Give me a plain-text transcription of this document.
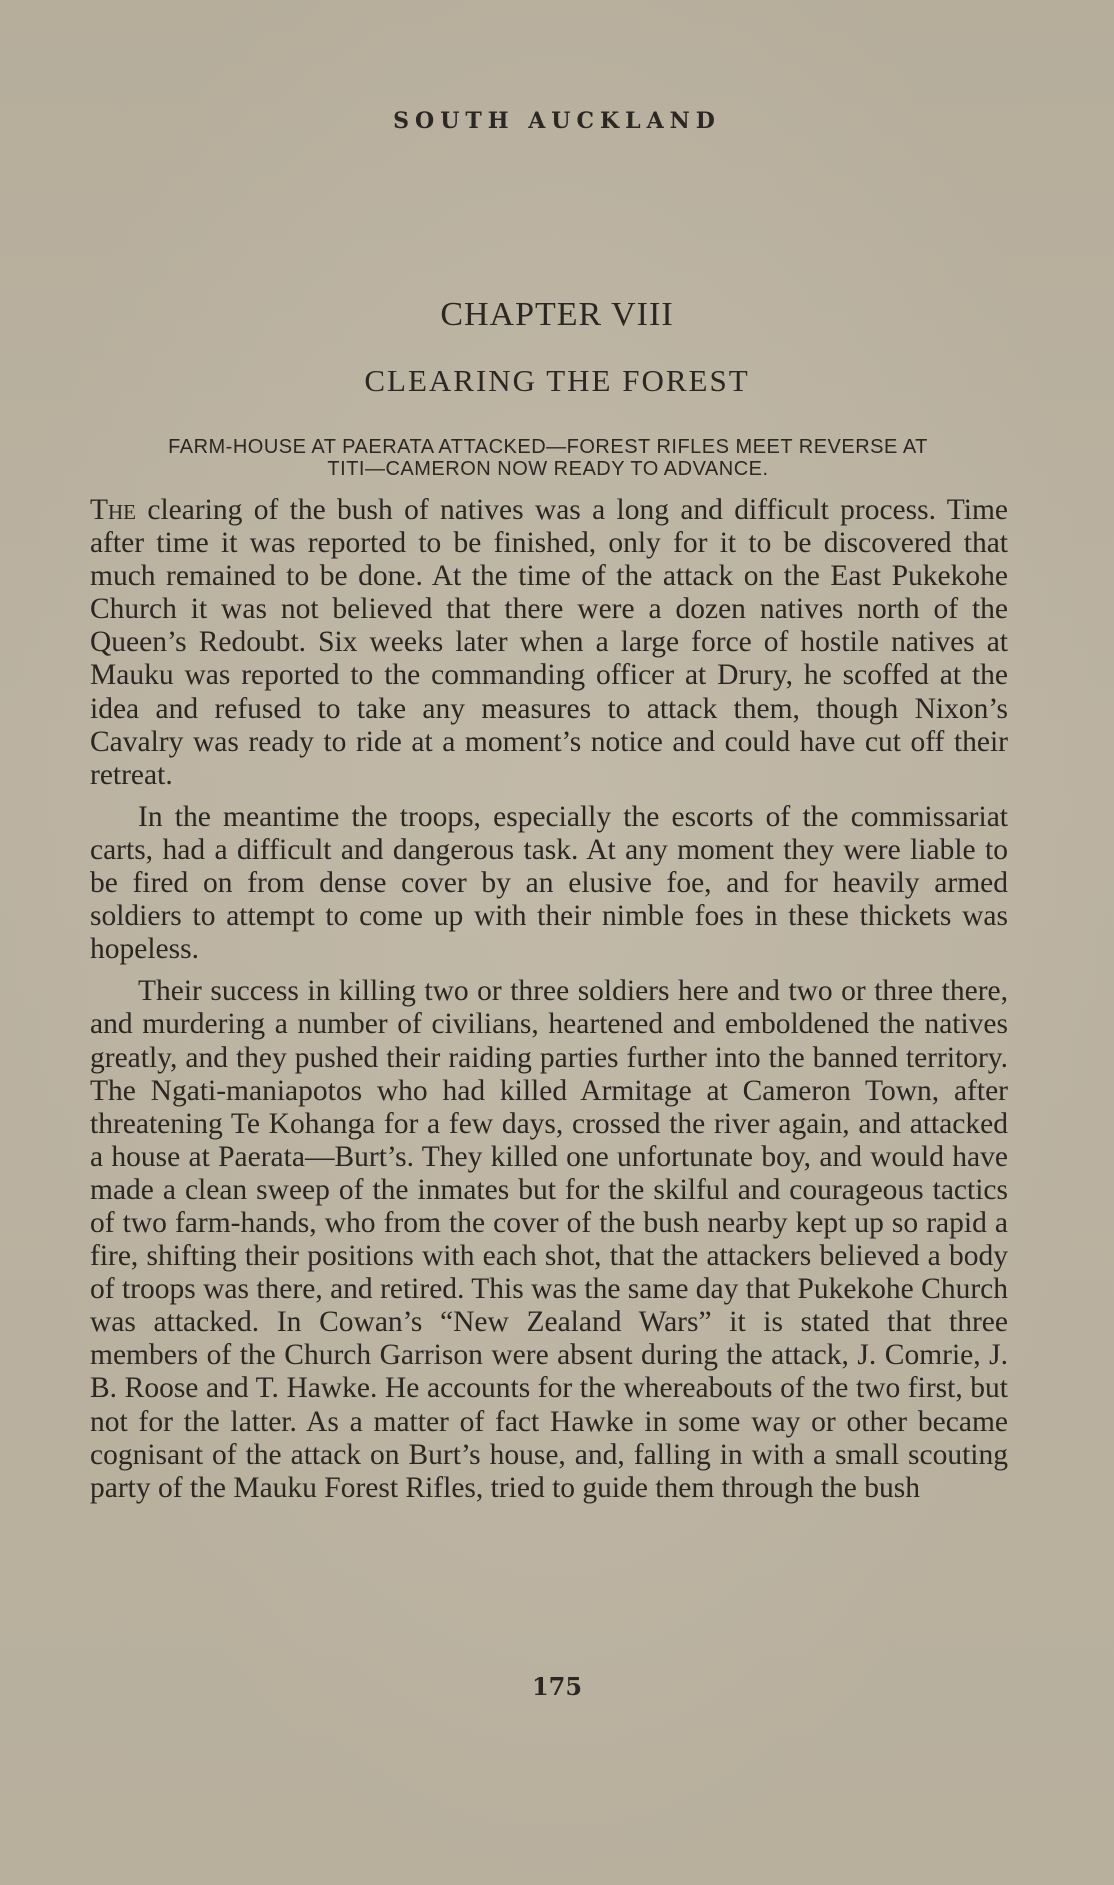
SOUTH AUCKLAND
CHAPTER VIII
CLEARING THE FOREST
FARM-HOUSE AT PAERATA ATTACKED—FOREST RIFLES MEET REVERSE AT
TITI—CAMERON NOW READY TO ADVANCE.

The clearing of the bush of natives was a long and difficult process. Time after time it was reported to be finished, only for it to be discovered that much remained to be done. At the time of the attack on the East Pukekohe Church it was not believed that there were a dozen natives north of the Queen’s Redoubt. Six weeks later when a large force of hostile natives at Mauku was reported to the commanding officer at Drury, he scoffed at the idea and refused to take any measures to attack them, though Nixon’s Cavalry was ready to ride at a moment’s notice and could have cut off their retreat.

In the meantime the troops, especially the escorts of the commissariat carts, had a difficult and dangerous task. At any moment they were liable to be fired on from dense cover by an elusive foe, and for heavily armed soldiers to attempt to come up with their nimble foes in these thickets was hopeless.

Their success in killing two or three soldiers here and two or three there, and murdering a number of civilians, heartened and emboldened the natives greatly, and they pushed their raiding parties further into the banned territory. The Ngati-maniapotos who had killed Armitage at Cameron Town, after threatening Te Kohanga for a few days, crossed the river again, and attacked a house at Paerata—Burt’s. They killed one unfortunate boy, and would have made a clean sweep of the inmates but for the skilful and courageous tactics of two farm-hands, who from the cover of the bush nearby kept up so rapid a fire, shifting their positions with each shot, that the attackers believed a body of troops was there, and retired. This was the same day that Pukekohe Church was attacked. In Cowan’s “New Zealand Wars” it is stated that three members of the Church Garrison were absent during the attack, J. Comrie, J. B. Roose and T. Hawke. He accounts for the whereabouts of the two first, but not for the latter. As a matter of fact Hawke in some way or other became cognisant of the attack on Burt’s house, and, falling in with a small scouting party of the Mauku Forest Rifles, tried to guide them through the bush

175
